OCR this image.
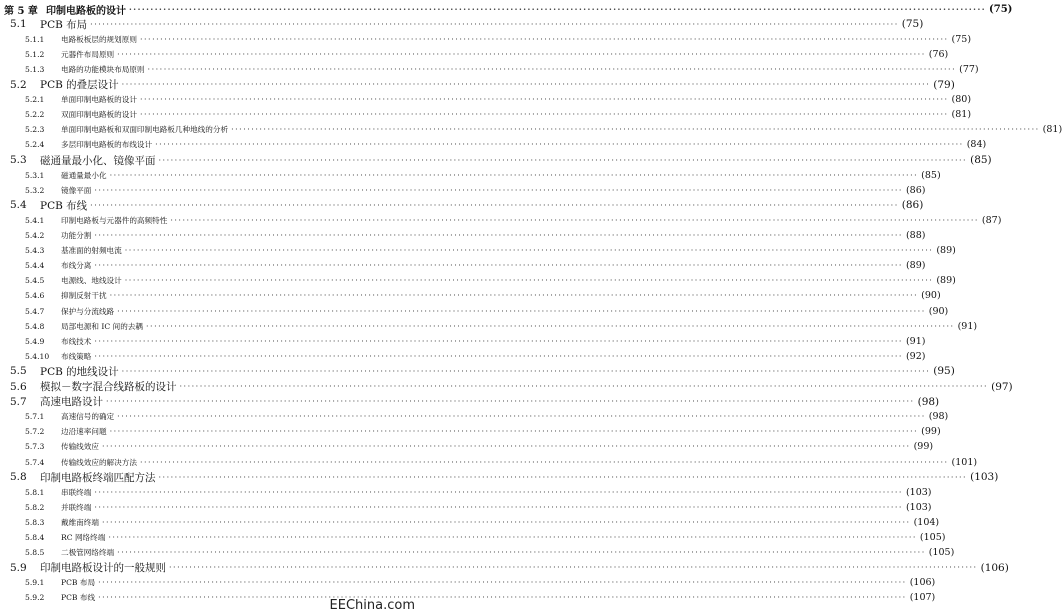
第 5 章 印制电路板的设计 ········································································································································································································ (75)
5.1	PCB 布局 ········································································································································································································ (75)
5.1.1	电路板板层的规划原则 ········································································································································································································ (75)
5.1.2	元器件布局原则 ········································································································································································································ (76)
5.1.3	电路的功能模块布局原则 ········································································································································································································ (77)
5.2	PCB 的叠层设计 ········································································································································································································ (79)
5.2.1	单面印制电路板的设计 ········································································································································································································ (80)
5.2.2	双面印制电路板的设计 ········································································································································································································ (81)
5.2.3	单面印制电路板和双面印制电路板几种地线的分析 ········································································································································································································ (81)
5.2.4	多层印制电路板的布线设计 ········································································································································································································ (84)
5.3	磁通量最小化、镜像平面 ········································································································································································································ (85)
5.3.1	磁通量最小化 ········································································································································································································ (85)
5.3.2	镜像平面 ········································································································································································································ (86)
5.4	PCB 布线 ········································································································································································································ (86)
5.4.1	印制电路板与元器件的高频特性 ········································································································································································································ (87)
5.4.2	功能分割 ········································································································································································································ (88)
5.4.3	基准面的射频电流 ········································································································································································································ (89)
5.4.4	布线分离 ········································································································································································································ (89)
5.4.5	电源线、地线设计 ········································································································································································································ (89)
5.4.6	抑制反射干扰 ········································································································································································································ (90)
5.4.7	保护与分流线路 ········································································································································································································ (90)
5.4.8	局部电源和 IC 间的去耦 ········································································································································································································ (91)
5.4.9	布线技术 ········································································································································································································ (91)
5.4.10	布线策略 ········································································································································································································ (92)
5.5	PCB 的地线设计 ········································································································································································································ (95)
5.6	模拟－数字混合线路板的设计 ········································································································································································································ (97)
5.7	高速电路设计 ········································································································································································································ (98)
5.7.1	高速信号的确定 ········································································································································································································ (98)
5.7.2	边沿速率问题 ········································································································································································································ (99)
5.7.3	传输线效应 ········································································································································································································ (99)
5.7.4	传输线效应的解决方法 ········································································································································································································ (101)
5.8	印制电路板终端匹配方法 ········································································································································································································ (103)
5.8.1	串联终端 ········································································································································································································ (103)
5.8.2	并联终端 ········································································································································································································ (103)
5.8.3	戴维南终端 ········································································································································································································ (104)
5.8.4	RC 网络终端 ········································································································································································································ (105)
5.8.5	二极管网络终端 ········································································································································································································ (105)
5.9	印制电路板设计的一般规则 ········································································································································································································ (106)
5.9.1	PCB 布局 ········································································································································································································ (106)
5.9.2	PCB 布线 ········································································································································································································ (107)
EEChina.com
